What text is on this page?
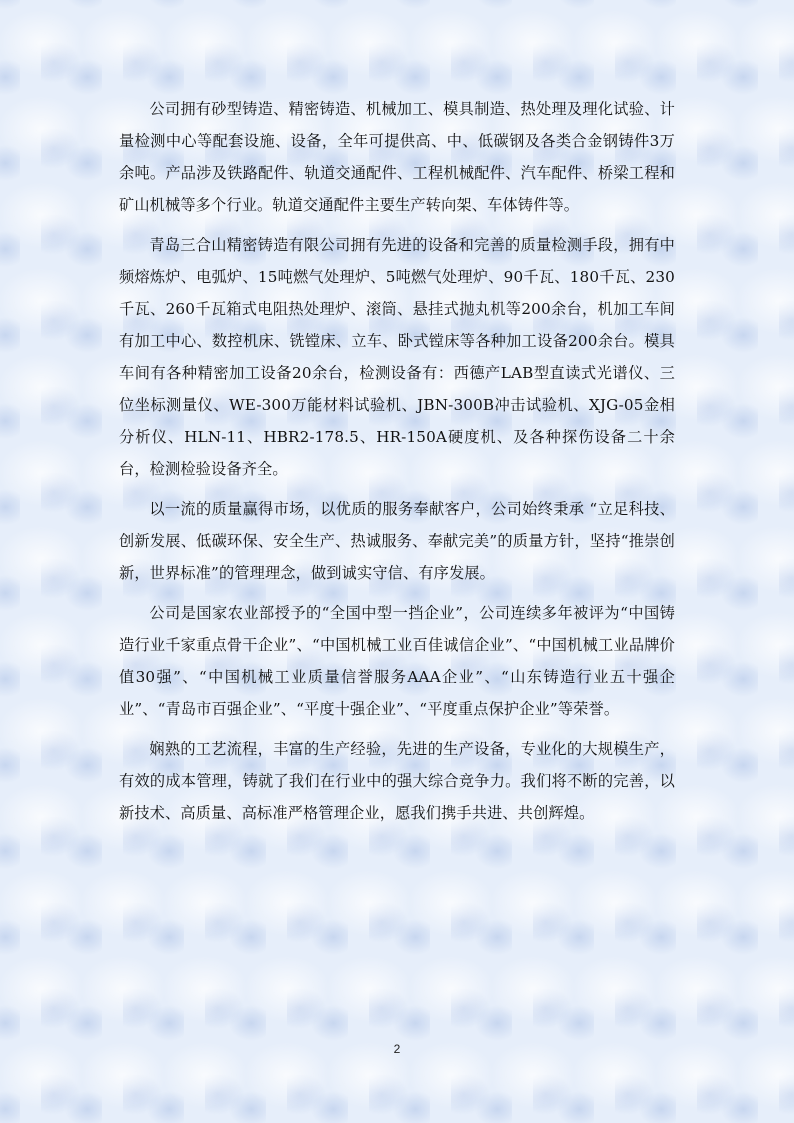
公司拥有砂型铸造、精密铸造、机械加工、模具制造、热处理及理化试验、计量检测中心等配套设施、设备，全年可提供高、中、低碳钢及各类合金钢铸件3万余吨。产品涉及铁路配件、轨道交通配件、工程机械配件、汽车配件、桥梁工程和矿山机械等多个行业。轨道交通配件主要生产转向架、车体铸件等。

青岛三合山精密铸造有限公司拥有先进的设备和完善的质量检测手段，拥有中频熔炼炉、电弧炉、15吨燃气处理炉、5吨燃气处理炉、90千瓦、180千瓦、230千瓦、260千瓦箱式电阻热处理炉、滚筒、悬挂式抛丸机等200余台，机加工车间有加工中心、数控机床、铣镗床、立车、卧式镗床等各种加工设备200余台。模具车间有各种精密加工设备20余台，检测设备有：西德产LAB型直读式光谱仪、三位坐标测量仪、WE-300万能材料试验机、JBN-300B冲击试验机、XJG-05金相分析仪、HLN-11、HBR2-178.5、HR-150A硬度机、及各种探伤设备二十余台，检测检验设备齐全。

以一流的质量赢得市场，以优质的服务奉献客户，公司始终秉承 “立足科技、创新发展、低碳环保、安全生产、热诚服务、奉献完美”的质量方针，坚持“推崇创新，世界标准”的管理理念，做到诚实守信、有序发展。

公司是国家农业部授予的“全国中型一挡企业”，公司连续多年被评为“中国铸造行业千家重点骨干企业”、“中国机械工业百佳诚信企业”、“中国机械工业品牌价值30强”、“中国机械工业质量信誉服务AAA企业”、“山东铸造行业五十强企业”、“青岛市百强企业”、“平度十强企业”、“平度重点保护企业”等荣誉。

娴熟的工艺流程，丰富的生产经验，先进的生产设备，专业化的大规模生产，有效的成本管理，铸就了我们在行业中的强大综合竞争力。我们将不断的完善，以新技术、高质量、高标准严格管理企业，愿我们携手共进、共创辉煌。

2
